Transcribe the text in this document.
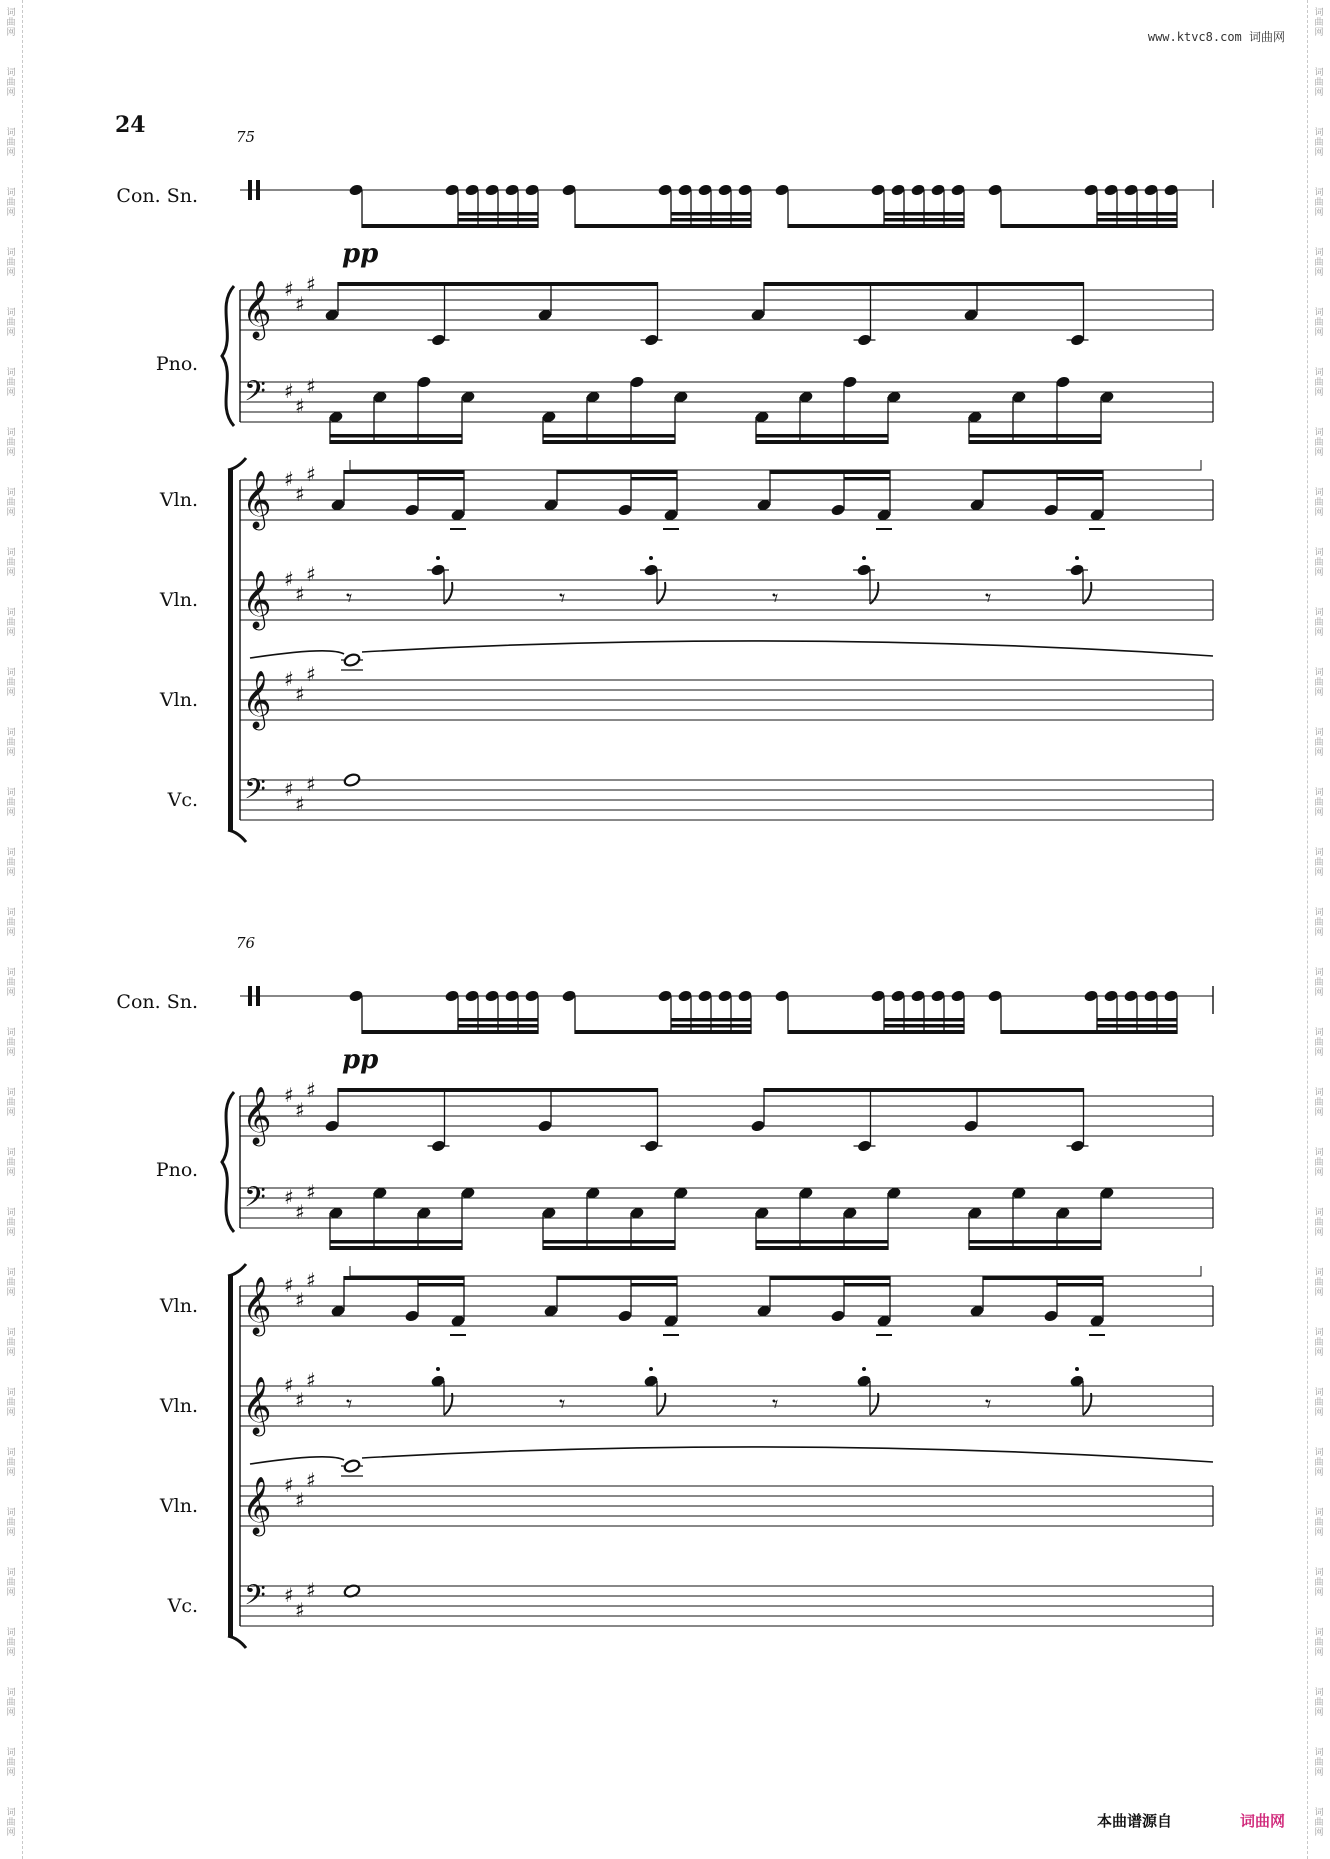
www.ktvc8.com 词曲网
24	75
Con. Sn.
Pno.
Vln.
Vln.
Vln.
Vc.
pp
𝄞
𝄢
♯
♯
♯
♯
♯
♯
𝄞 ♯
♯
♯
𝄞 ♯
♯
♯
𝄞 ♯
♯
♯
𝄢 ♯
♯
♯
𝄾	𝄾	𝄾	𝄾
76
Con. Sn.
Pno.
Vln.
Vln.
Vln.
Vc.
pp
𝄞
𝄢
♯
♯
♯
♯
♯
♯
𝄞 ♯
♯
♯
𝄞 ♯
♯
♯
𝄞 ♯
♯
♯
𝄢 ♯
♯
♯
𝄾	𝄾	𝄾	𝄾
本曲谱源自	词曲网
词
曲
网
词
曲
网
词
曲
网
词
曲
网
词
曲
网
词
曲
网
词
曲
网
词
曲
网
词
曲
网
词
曲
网
词
曲
网
词
曲
网
词
曲
网
词
曲
网
词
曲
网
词
曲
网
词
曲
网
词
曲
网
词
曲
网
词
曲
网
词
曲
网
词
曲
网
词
曲
网
词
曲
网
词
曲
网
词
曲
网
词
曲
网
词
曲
网
词
曲
网
词
曲
网
词
曲
网
词
曲
网
词
曲
网
词
曲
网
词
曲
网
词
曲
网
词
曲
网
词
曲
网
词
曲
网
词
曲
网
词
曲
网
词
曲
网
词
曲
网
词
曲
网
词
曲
网
词
曲
网
词
曲
网
词
曲
网
词
曲
网
词
曲
网
词
曲
网
词
曲
网
词
曲
网
词
曲
网
词
曲
网
词
曲
网
词
曲
网
词
曲
网
词
曲
网
词
曲
网
词
曲
网
词
曲
网
